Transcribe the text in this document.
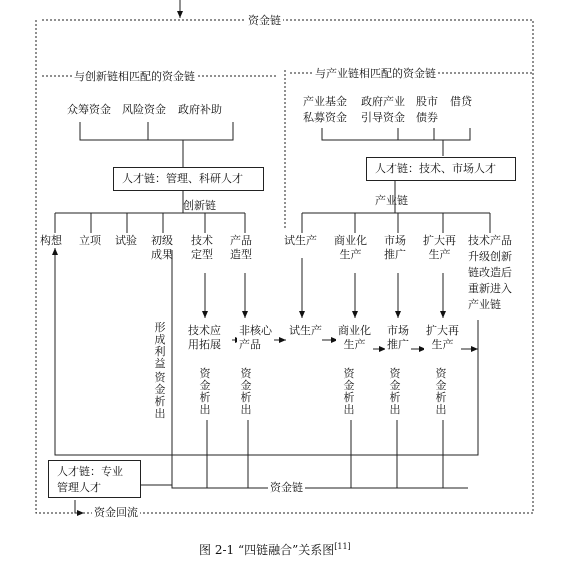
资金链
与创新链相匹配的资金链	与产业链相匹配的资金链
众筹资金 风险资金 政府补助
产业基金 政府产业 股市 借贷
私募资金 引导资金 债券
人才链：管理、科研人才
人才链：技术、市场人才
创新链	产业链
构想 立项 试验 初级
成果
技术
定型
产品
造型
试生产 商业化
生产
市场
推广
扩大再
生产
技术产品
升级创新
链改造后
重新进入
产业链
技术应
用拓展
非核心
产品
试生产 商业化
生产
市场
推广
扩大再
生产
形成利益
资金析出
资金析出
资金析出
资金析出
资金析出
资金析出
人才链：专业
管理人才	资金链
资金回流
图 2-1 “四链融合”关系图[11]
